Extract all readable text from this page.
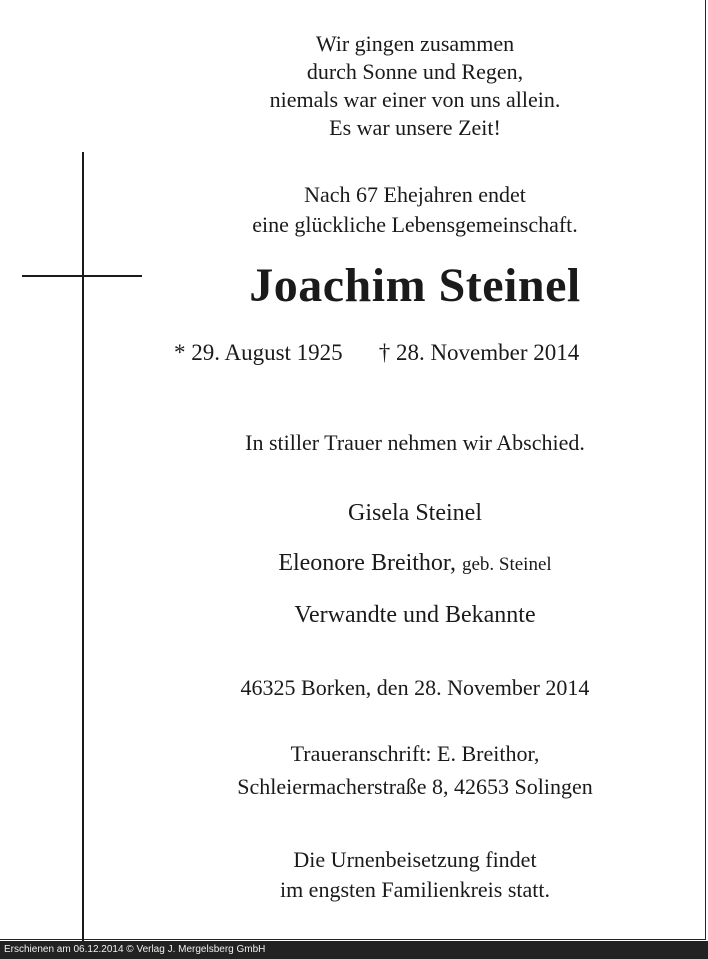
Wir gingen zusammen
durch Sonne und Regen,
niemals war einer von uns allein.
Es war unsere Zeit!
Nach 67 Ehejahren endet
eine glückliche Lebensgemeinschaft.
Joachim Steinel
* 29. August 1925 † 28. November 2014
In stiller Trauer nehmen wir Abschied.
Gisela Steinel
Eleonore Breithor, geb. Steinel
Verwandte und Bekannte
46325 Borken, den 28. November 2014
Traueranschrift: E. Breithor,
Schleiermacherstraße 8, 42653 Solingen
Die Urnenbeisetzung findet
im engsten Familienkreis statt.
Erschienen am 06.12.2014 © Verlag J. Mergelsberg GmbH
